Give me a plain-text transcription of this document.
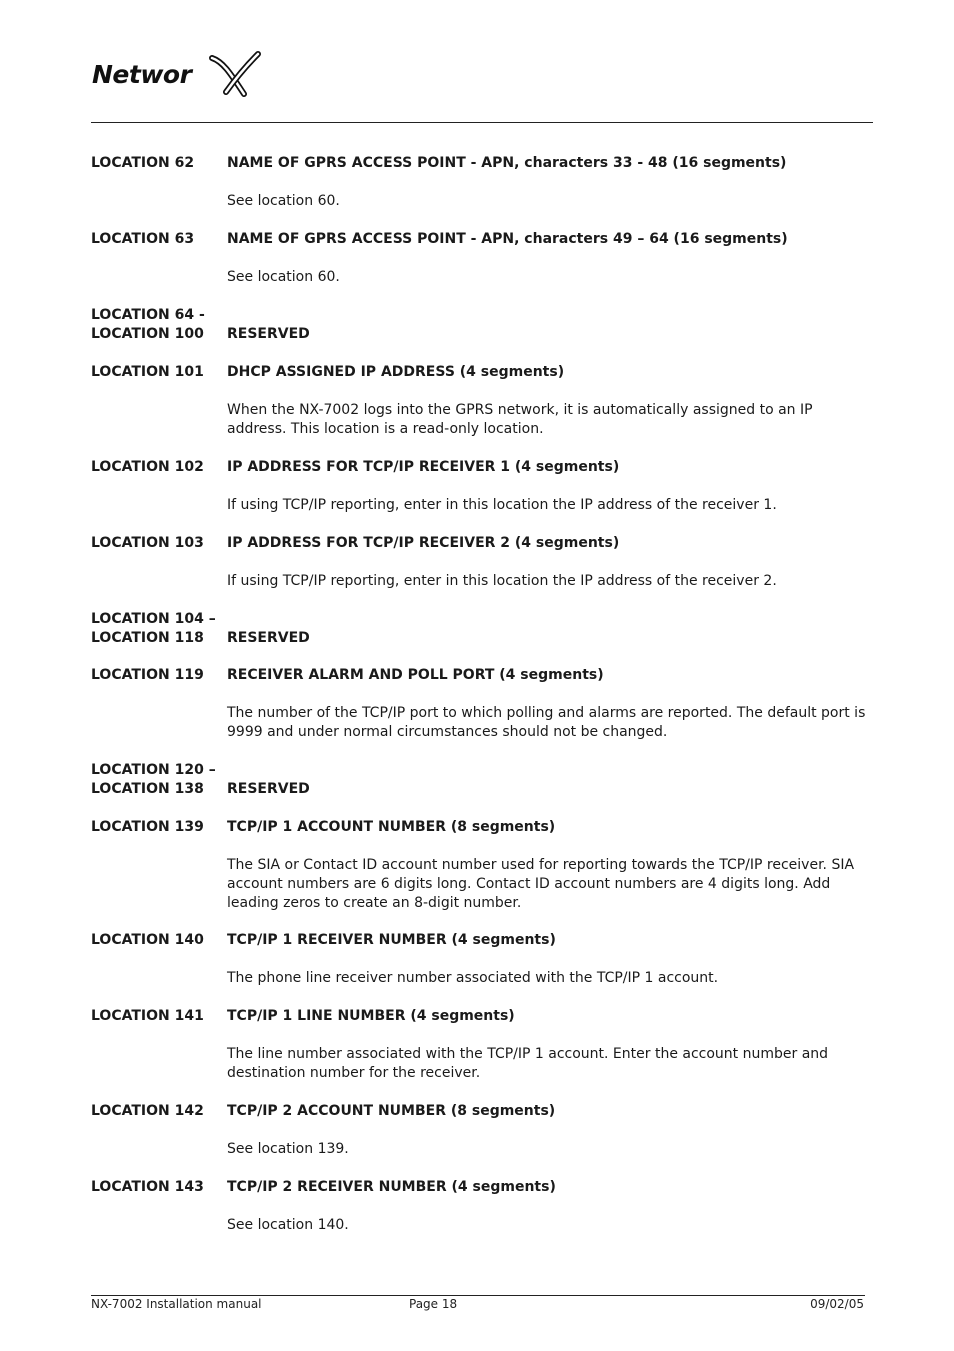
Networ
LOCATION 62	NAME OF GPRS ACCESS POINT - APN, characters 33 - 48 (16 segments)
See location 60.
LOCATION 63	NAME OF GPRS ACCESS POINT - APN, characters 49 – 64 (16 segments)
See location 60.
LOCATION 64 -
LOCATION 100	RESERVED
LOCATION 101	DHCP ASSIGNED IP ADDRESS (4 segments)
When the NX-7002 logs into the GPRS network, it is automatically assigned to an IP address. This location is a read-only location.
LOCATION 102	IP ADDRESS FOR TCP/IP RECEIVER 1 (4 segments)
If using TCP/IP reporting, enter in this location the IP address of the receiver 1.
LOCATION 103	IP ADDRESS FOR TCP/IP RECEIVER 2 (4 segments)
If using TCP/IP reporting, enter in this location the IP address of the receiver 2.
LOCATION 104 –
LOCATION 118	RESERVED
LOCATION 119	RECEIVER ALARM AND POLL PORT (4 segments)
The number of the TCP/IP port to which polling and alarms are reported. The default port is 9999 and under normal circumstances should not be changed.
LOCATION 120 –
LOCATION 138	RESERVED
LOCATION 139	TCP/IP 1 ACCOUNT NUMBER (8 segments)
The SIA or Contact ID account number used for reporting towards the TCP/IP receiver. SIA account numbers are 6 digits long. Contact ID account numbers are 4 digits long. Add leading zeros to create an 8-digit number.
LOCATION 140	TCP/IP 1 RECEIVER NUMBER (4 segments)
The phone line receiver number associated with the TCP/IP 1 account.
LOCATION 141	TCP/IP 1 LINE NUMBER (4 segments)
The line number associated with the TCP/IP 1 account. Enter the account number and destination number for the receiver.
LOCATION 142	TCP/IP 2 ACCOUNT NUMBER (8 segments)
See location 139.
LOCATION 143	TCP/IP 2 RECEIVER NUMBER (4 segments)
See location 140.
NX-7002 Installation manual	Page 18	09/02/05
